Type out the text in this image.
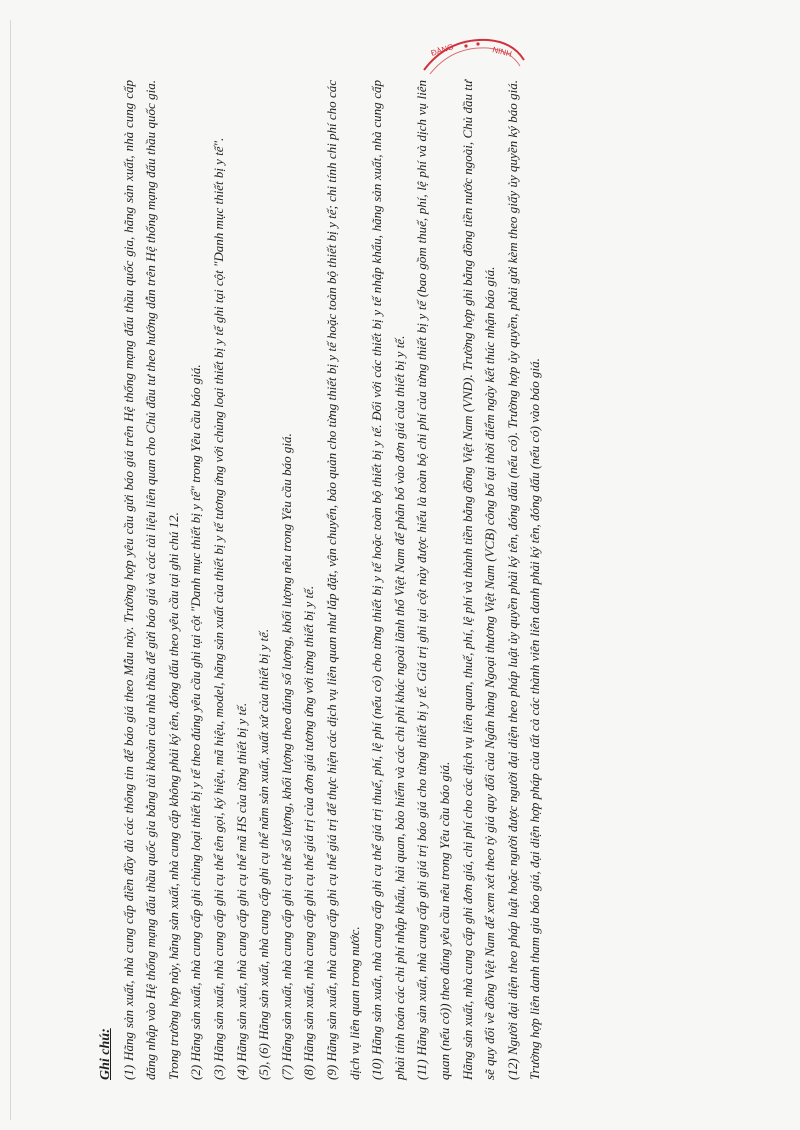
ĐÀNG	NINH

Ghi chú: (1) Hãng sản xuất, nhà cung cấp điền đầy đủ các thông tin để báo giá theo Mẫu này. Trường hợp yêu cầu gửi báo giá trên Hệ thống mạng đấu thầu quốc gia, hãng sản xuất, nhà cung cấp đăng nhập vào Hệ thống mạng đấu thầu quốc gia bằng tài khoản của nhà thầu để gửi báo giá và các tài liệu liên quan cho Chủ đầu tư theo hướng dẫn trên Hệ thống mạng đấu thầu quốc gia. Trong trường hợp này, hãng sản xuất, nhà cung cấp không phải ký tên, đóng dấu theo yêu cầu tại ghi chú 12. (2) Hãng sản xuất, nhà cung cấp ghi chủng loại thiết bị y tế theo đúng yêu cầu ghi tại cột "Danh mục thiết bị y tế" trong Yêu cầu báo giá. (3) Hãng sản xuất, nhà cung cấp ghi cụ thể tên gọi, ký hiệu, mã hiệu, model, hãng sản xuất của thiết bị y tế tương ứng với chủng loại thiết bị y tế ghi tại cột "Danh mục thiết bị y tế". (4) Hãng sản xuất, nhà cung cấp ghi cụ thể mã HS của từng thiết bị y tế. (5), (6) Hãng sản xuất, nhà cung cấp ghi cụ thể năm sản xuất, xuất xứ của thiết bị y tế. (7) Hãng sản xuất, nhà cung cấp ghi cụ thể số lượng, khối lượng theo đúng số lượng, khối lượng nêu trong Yêu cầu báo giá. (8) Hãng sản xuất, nhà cung cấp ghi cụ thể giá trị của đơn giá tương ứng với từng thiết bị y tế. (9) Hãng sản xuất, nhà cung cấp ghi cụ thể giá trị để thực hiện các dịch vụ liên quan như lắp đặt, vận chuyển, bảo quản cho từng thiết bị y tế hoặc toàn bộ thiết bị y tế; chi tính chi phí cho các dịch vụ liên quan trong nước. (10) Hãng sản xuất, nhà cung cấp ghi cụ thể giá trị thuế, phí, lệ phí (nếu có) cho từng thiết bị y tế hoặc toàn bộ thiết bị y tế. Đối với các thiết bị y tế nhập khẩu, hãng sản xuất, nhà cung cấp phải tính toán các chi phí nhập khẩu, hải quan, bảo hiểm và các chi phí khác ngoài lãnh thổ Việt Nam để phân bổ vào đơn giá của thiết bị y tế. (11) Hãng sản xuất, nhà cung cấp ghi giá trị báo giá cho từng thiết bị y tế. Giá trị ghi tại cột này được hiểu là toàn bộ chi phí của từng thiết bị y tế (bao gồm thuế, phí, lệ phí và dịch vụ liên quan (nếu có)) theo đúng yêu cầu nêu trong Yêu cầu báo giá. Hãng sản xuất, nhà cung cấp ghi đơn giá, chi phí cho các dịch vụ liên quan, thuế, phí, lệ phí và thành tiền bằng đồng Việt Nam (VND). Trường hợp ghi bằng đồng tiền nước ngoài, Chủ đầu tư sẽ quy đổi về đồng Việt Nam để xem xét theo tỷ giá quy đổi của Ngân hàng Ngoại thương Việt Nam (VCB) công bố tại thời điểm ngày kết thúc nhận báo giá. (12) Người đại diện theo pháp luật hoặc người được người đại diện theo pháp luật ủy quyền phải ký tên, đóng dấu (nếu có). Trường hợp ủy quyền, phải gửi kèm theo giấy ủy quyền ký báo giá. Trường hợp liên danh tham gia báo giá, đại diện hợp pháp của tất cả các thành viên liên danh phải ký tên, đóng dấu (nếu có) vào báo giá.
